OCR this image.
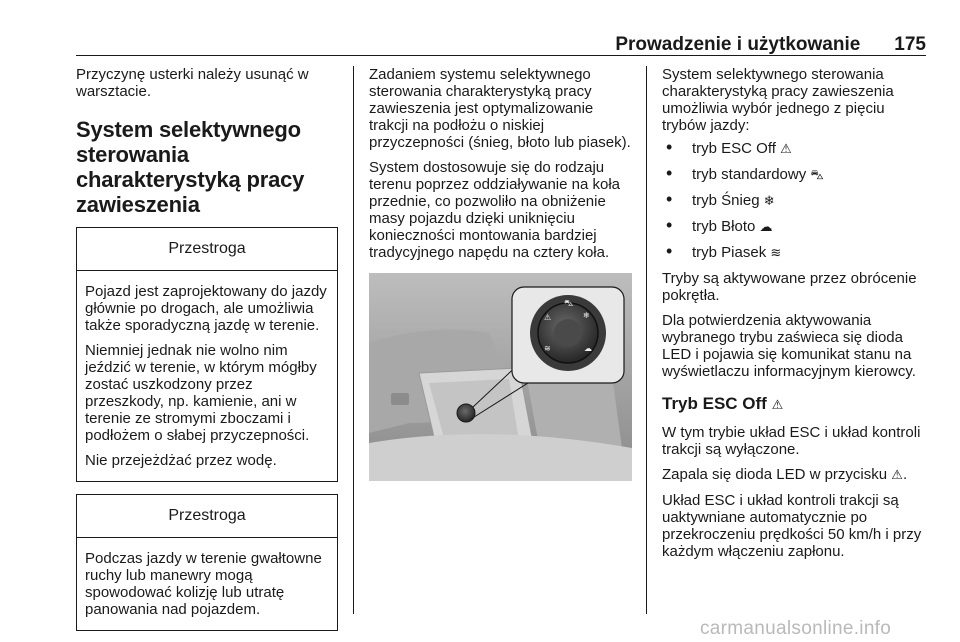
Prowadzenie i użytkowanie 175

Przyczynę usterki należy usunąć w warsztacie.

System selektywnego sterowania charakterystyką pracy zawieszenia
Przestroga

Pojazd jest zaprojektowany do jazdy głównie po drogach, ale umożliwia także sporadyczną jazdę w terenie.

Niemniej jednak nie wolno nim jeździć w terenie, w którym mógłby zostać uszkodzony przez przeszkody, np. kamienie, ani w terenie ze stromymi zboczami i podłożem o słabej przyczepności.

Nie przejeżdżać przez wodę.

Przestroga

Podczas jazdy w terenie gwałtowne ruchy lub manewry mogą spowodować kolizję lub utratę panowania nad pojazdem.

Zadaniem systemu selektywnego sterowania charakterystyką pracy zawieszenia jest optymalizowanie trakcji na podłożu o niskiej przyczepności (śnieg, błoto lub piasek).

System dostosowuje się do rodzaju terenu poprzez oddziaływanie na koła przednie, co pozwoliło na obniżenie masy pojazdu dzięki uniknięciu konieczności montowania bardziej tradycyjnego napędu na cztery koła.

⛍
⚠	❄
≋	☁

System selektywnego sterowania charakterystyką pracy zawieszenia umożliwia wybór jednego z pięciu trybów jazdy:

• tryb ESC Off ⚠
• tryb standardowy ⛍
• tryb Śnieg ❄
• tryb Błoto ☁
• tryb Piasek ≋

Tryby są aktywowane przez obrócenie pokrętła.

Dla potwierdzenia aktywowania wybranego trybu zaświeca się dioda LED i pojawia się komunikat stanu na wyświetlaczu informacyjnym kierowcy.

Tryb ESC Off ⚠

W tym trybie układ ESC i układ kontroli trakcji są wyłączone.

Zapala się dioda LED w przycisku ⚠.

Układ ESC i układ kontroli trakcji są uaktywniane automatycznie po przekroczeniu prędkości 50 km/h i przy każdym włączeniu zapłonu.

carmanualsonline.info
